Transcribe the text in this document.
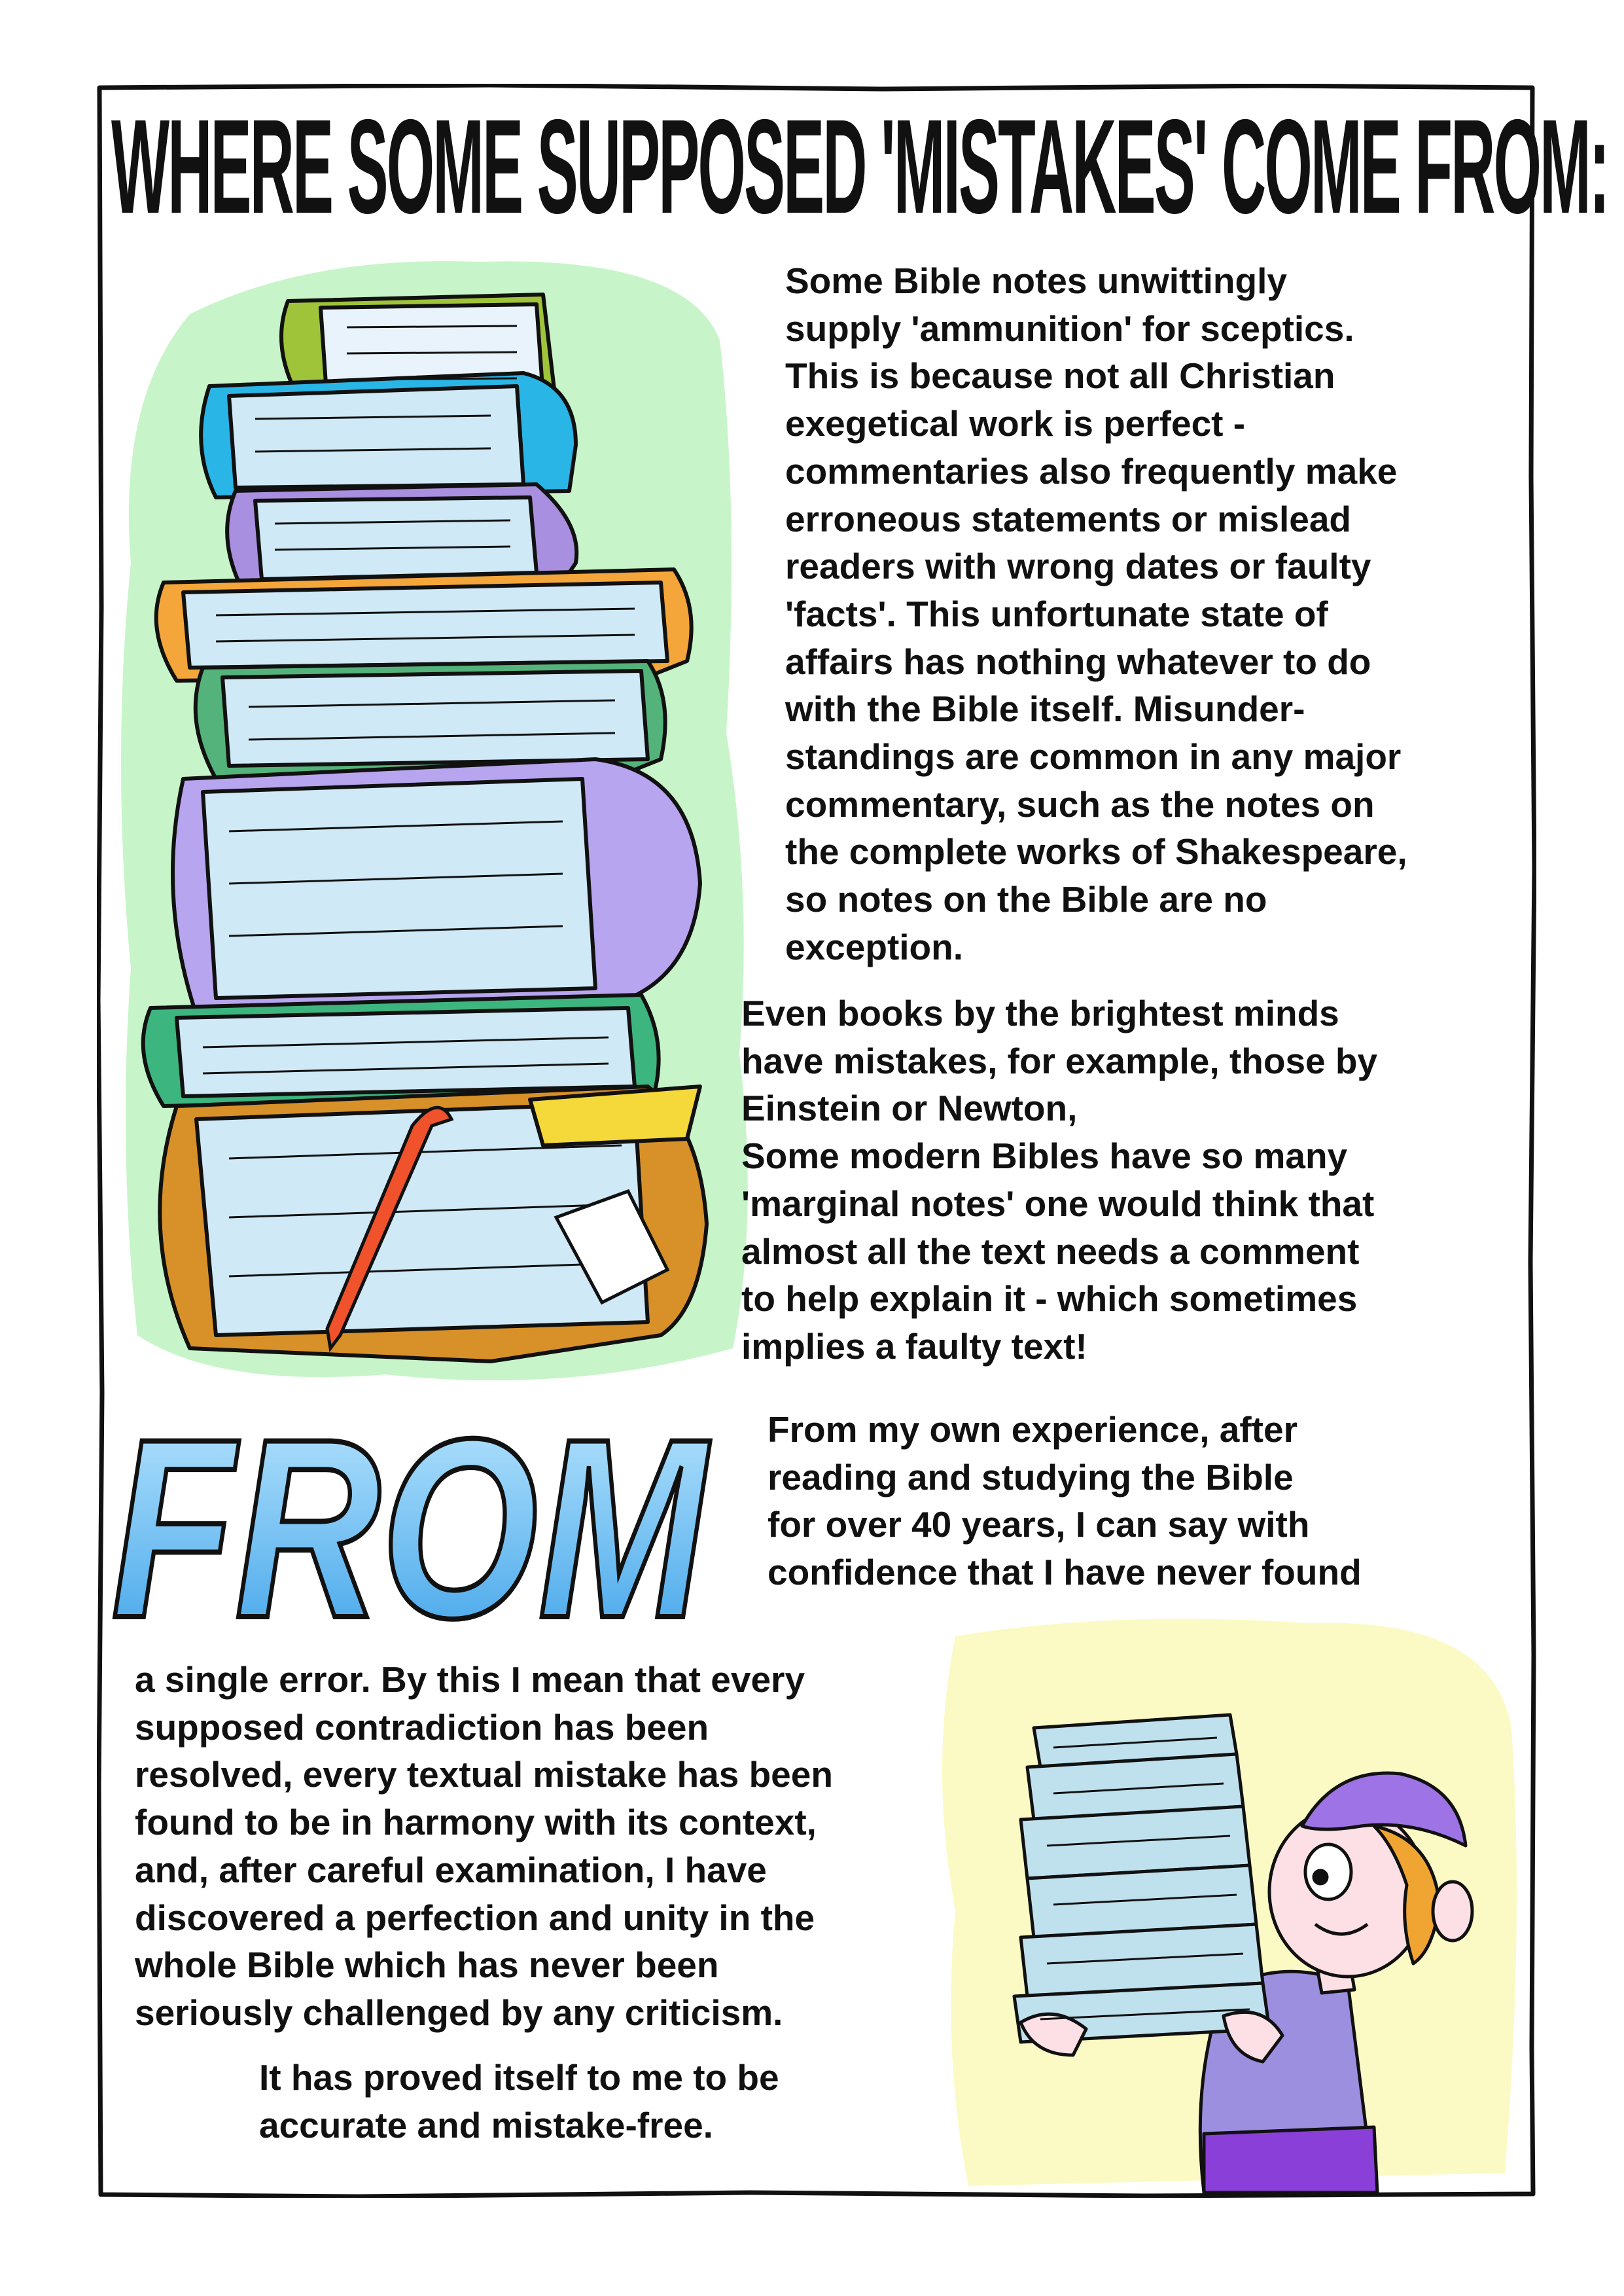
WHERE SOME SUPPOSED 'MISTAKES' COME FROM:
Some Bible notes unwittingly
supply 'ammunition' for sceptics.
This is because not all Christian
exegetical work is perfect -
commentaries also frequently make
erroneous statements or mislead
readers with wrong dates or faulty
'facts'. This unfortunate state of
affairs has nothing whatever to do
with the Bible itself. Misunder-
standings are common in any major
commentary, such as the notes on
the complete works of Shakespeare,
so notes on the Bible are no
exception.
Even books by the brightest minds
have mistakes, for example, those by
Einstein or Newton,
Some modern Bibles have so many
'marginal notes' one would think that
almost all the text needs a comment
to help explain it - which sometimes
implies a faulty text!
FROM From my own experience, after
reading and studying the Bible
for over 40 years, I can say with
confidence that I have never found
a single error. By this I mean that every
supposed contradiction has been
resolved, every textual mistake has been
found to be in harmony with its context,
and, after careful examination, I have
discovered a perfection and unity in the
whole Bible which has never been
seriously challenged by any criticism.
It has proved itself to me to be
accurate and mistake-free.
